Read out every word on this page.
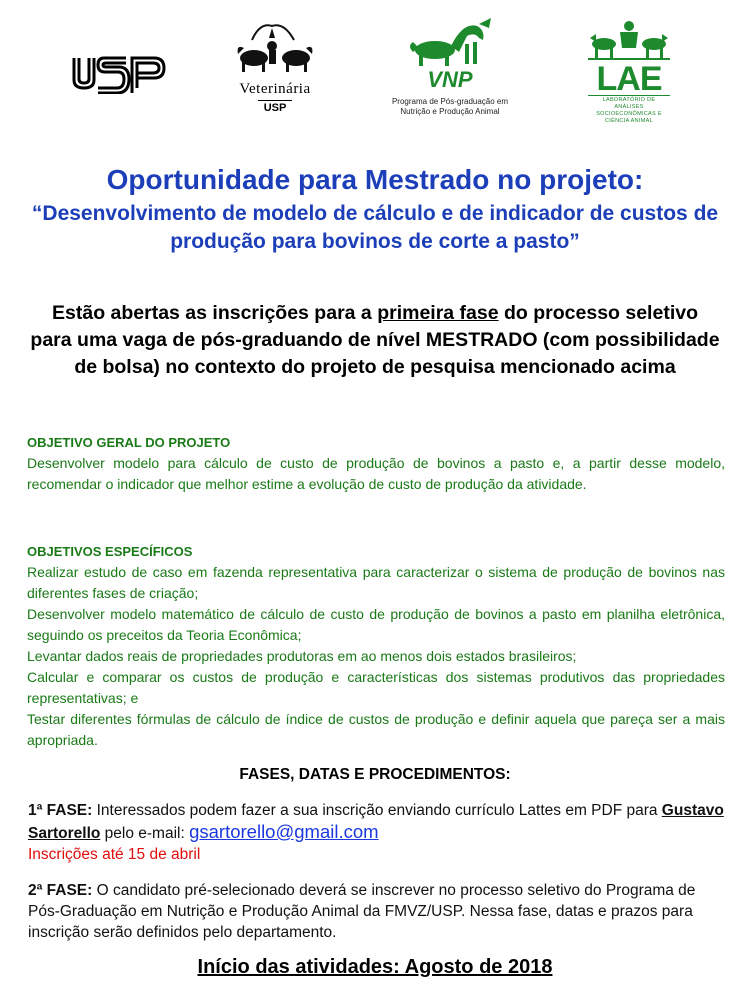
Veterinária
USP
VNP
Programa de Pós-graduação em Nutrição e Produção Animal
LAE
LABORATÓRIO DE ANÁLISES SOCIOECONÔMICAS E CIÊNCIA ANIMAL
Oportunidade para Mestrado no projeto:
“Desenvolvimento de modelo de cálculo e de indicador de custos de produção para bovinos de corte a pasto”
Estão abertas as inscrições para a primeira fase do processo seletivo para uma vaga de pós-graduando de nível MESTRADO (com possibilidade de bolsa) no contexto do projeto de pesquisa mencionado acima
OBJETIVO GERAL DO PROJETO
Desenvolver modelo para cálculo de custo de produção de bovinos a pasto e, a partir desse modelo, recomendar o indicador que melhor estime a evolução de custo de produção da atividade.
OBJETIVOS ESPECÍFICOS
Realizar estudo de caso em fazenda representativa para caracterizar o sistema de produção de bovinos nas diferentes fases de criação;
Desenvolver modelo matemático de cálculo de custo de produção de bovinos a pasto em planilha eletrônica, seguindo os preceitos da Teoria Econômica;
Levantar dados reais de propriedades produtoras em ao menos dois estados brasileiros;
Calcular e comparar os custos de produção e características dos sistemas produtivos das propriedades representativas; e
Testar diferentes fórmulas de cálculo de índice de custos de produção e definir aquela que pareça ser a mais apropriada.
FASES, DATAS E PROCEDIMENTOS:
1ª FASE: Interessados podem fazer a sua inscrição enviando currículo Lattes em PDF para Gustavo Sartorello pelo e-mail: gsartorello@gmail.com
Inscrições até 15 de abril
2ª FASE: O candidato pré-selecionado deverá se inscrever no processo seletivo do Programa de Pós-Graduação em Nutrição e Produção Animal da FMVZ/USP. Nessa fase, datas e prazos para inscrição serão definidos pelo departamento.
Início das atividades: Agosto de 2018
